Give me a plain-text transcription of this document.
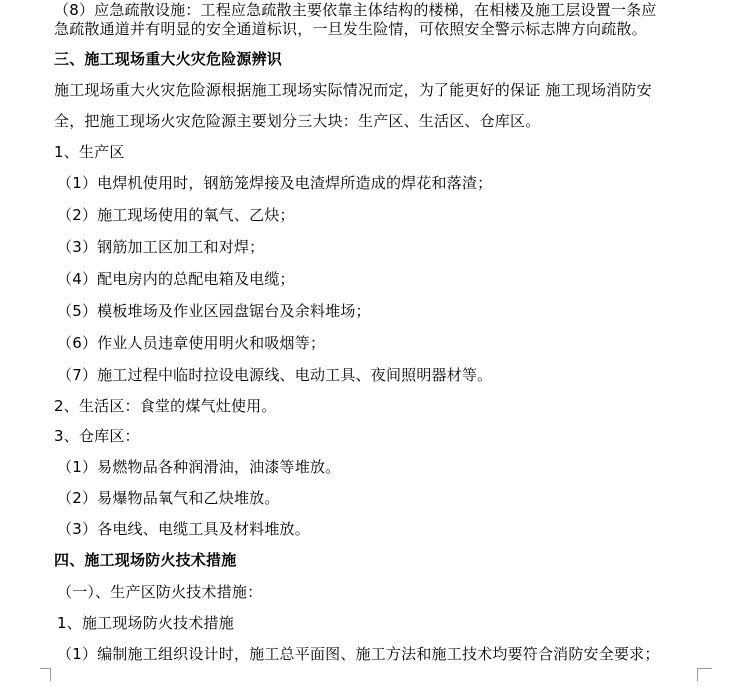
（8）应急疏散设施：工程应急疏散主要依靠主体结构的楼梯，在相楼及施工层设置一条应
急疏散通道并有明显的安全通道标识，一旦发生险情，可依照安全警示标志牌方向疏散。
三、施工现场重大火灾危险源辨识
施工现场重大火灾危险源根据施工现场实际情况而定，为了能更好的保证 施工现场消防安
全，把施工现场火灾危险源主要划分三大块：生产区、生活区、仓库区。
1、生产区
（1）电焊机使用时，钢筋笼焊接及电渣焊所造成的焊花和落渣；
（2）施工现场使用的氧气、乙炔；
（3）钢筋加工区加工和对焊；
（4）配电房内的总配电箱及电缆；
（5）模板堆场及作业区园盘锯台及余料堆场；
（6）作业人员违章使用明火和吸烟等；
（7）施工过程中临时拉设电源线、电动工具、夜间照明器材等。
2、生活区：食堂的煤气灶使用。
3、仓库区：
（1）易燃物品各种润滑油，油漆等堆放。
（2）易爆物品氧气和乙炔堆放。
（3）各电线、电缆工具及材料堆放。
四、施工现场防火技术措施
（一）、生产区防火技术措施：
1、施工现场防火技术措施
（1）编制施工组织设计时，施工总平面图、施工方法和施工技术均要符合消防安全要求；
